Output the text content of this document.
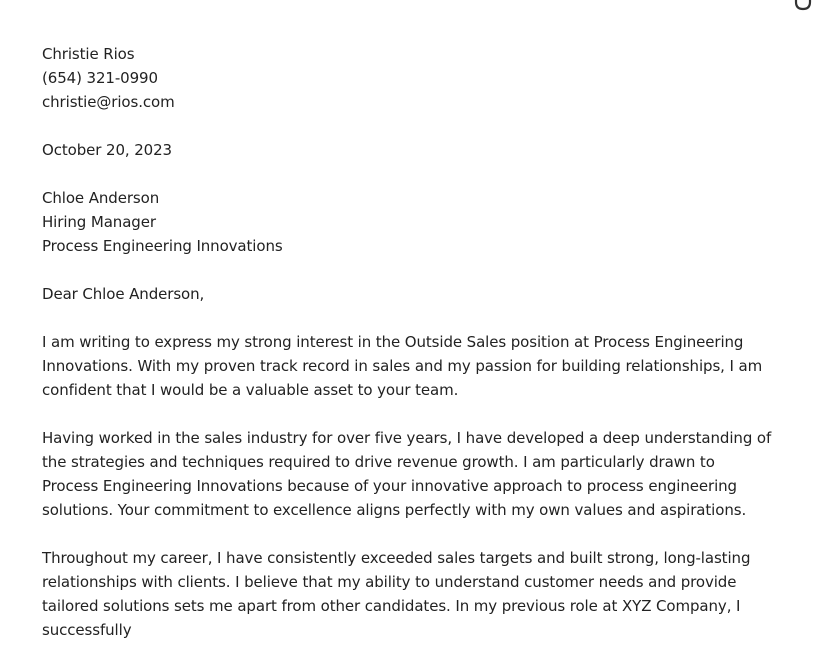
Christie Rios
(654) 321-0990
christie@rios.com
October 20, 2023
Chloe Anderson
Hiring Manager
Process Engineering Innovations
Dear Chloe Anderson,

I am writing to express my strong interest in the Outside Sales position at Process Engineering Innovations. With my proven track record in sales and my passion for building relationships, I am confident that I would be a valuable asset to your team.

Having worked in the sales industry for over five years, I have developed a deep understanding of the strategies and techniques required to drive revenue growth. I am particularly drawn to Process Engineering Innovations because of your innovative approach to process engineering solutions. Your commitment to excellence aligns perfectly with my own values and aspirations.

Throughout my career, I have consistently exceeded sales targets and built strong, long-lasting relationships with clients. I believe that my ability to understand customer needs and provide tailored solutions sets me apart from other candidates. In my previous role at XYZ Company, I successfully
